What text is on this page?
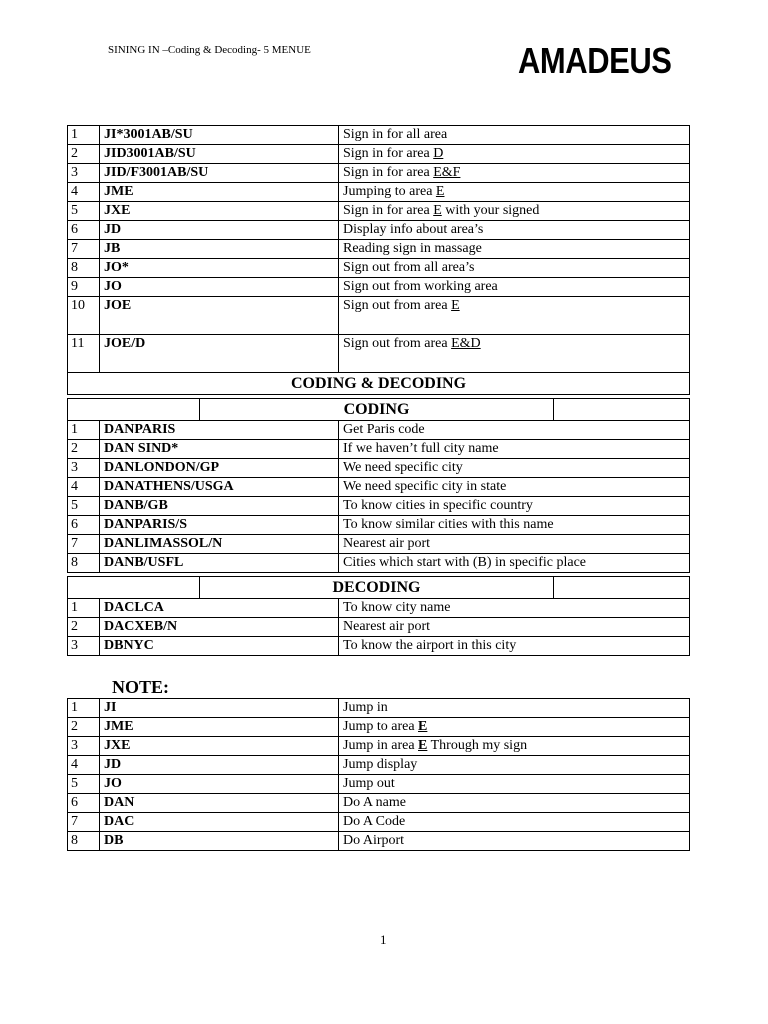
SINING IN –Coding & Decoding- 5 MENUE	AMADEUS
1	JI*3001AB/SU	Sign in for all area
2	JID3001AB/SU	Sign in for area D
3	JID/F3001AB/SU	Sign in for area E&F
4	JME	Jumping to area E
5	JXE	Sign in for area E with your signed
6	JD	Display info about area’s
7	JB	Reading sign in massage
8	JO*	Sign out from all area’s
9	JO	Sign out from working area
10	JOE	Sign out from area E
11	JOE/D	Sign out from area E&D
CODING & DECODING		
	CODING	
1	DANPARIS	Get Paris code
2	DAN SIND*	If we haven’t full city name
3	DANLONDON/GP	We need specific city
4	DANATHENS/USGA	We need specific city in state
5	DANB/GB	To know cities in specific country
6	DANPARIS/S	To know similar cities with this name
7	DANLIMASSOL/N	Nearest air port
8	DANB/USFL	Cities which start with (B) in specific place
	DECODING	
1	DACLCA	To know city name
2	DACXEB/N	Nearest air port
3	DBNYC	To know the airport in this city
NOTE:
1	JI	Jump in
2	JME	Jump to area E
3	JXE	Jump in area E Through my sign
4	JD	Jump display
5	JO	Jump out
6	DAN	Do A name
7	DAC	Do A Code
8	DB	Do Airport
1
